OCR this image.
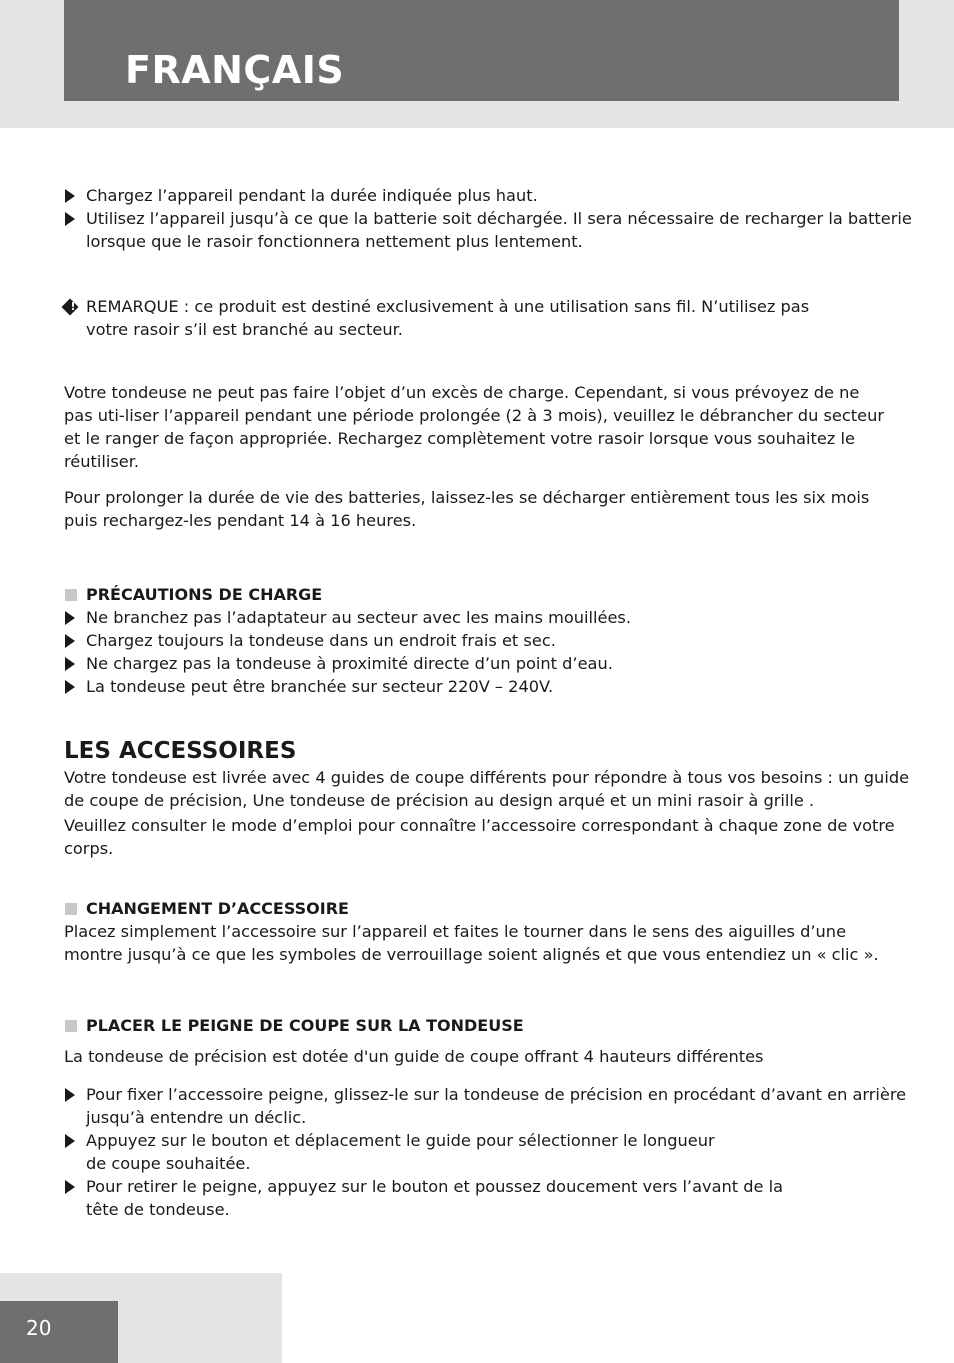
FRANÇAIS
Chargez l’appareil pendant la durée indiquée plus haut.
Utilisez l’appareil jusqu’à ce que la batterie soit déchargée. Il sera nécessaire de recharger la batterie lorsque que le rasoir fonctionnera nettement plus lentement.
! REMARQUE : ce produit est destiné exclusivement à une utilisation sans fil. N’utilisez pas votre rasoir s’il est branché au secteur.

Votre tondeuse ne peut pas faire l’objet d’un excès de charge. Cependant, si vous prévoyez de ne pas uti-liser l’appareil pendant une période prolongée (2 à 3 mois), veuillez le débrancher du secteur et le ranger de façon appropriée. Rechargez complètement votre rasoir lorsque vous souhaitez le réutiliser.

Pour prolonger la durée de vie des batteries, laissez-les se décharger entièrement tous les six mois puis rechargez-les pendant 14 à 16 heures.

PRÉCAUTIONS DE CHARGE
Ne branchez pas l’adaptateur au secteur avec les mains mouillées.
Chargez toujours la tondeuse dans un endroit frais et sec.
Ne chargez pas la tondeuse à proximité directe d’un point d’eau.
La tondeuse peut être branchée sur secteur 220V – 240V.
LES ACCESSOIRES

Votre tondeuse est livrée avec 4 guides de coupe différents pour répondre à tous vos besoins : un guide

de coupe de précision, Une tondeuse de précision au design arqué et un mini rasoir à grille .

Veuillez consulter le mode d’emploi pour connaître l’accessoire correspondant à chaque zone de votre corps.

CHANGEMENT D’ACCESSOIRE

Placez simplement l’accessoire sur l’appareil et faites le tourner dans le sens des aiguilles d’une montre jusqu’à ce que les symboles de verrouillage soient alignés et que vous entendiez un « clic ».

PLACER LE PEIGNE DE COUPE SUR LA TONDEUSE

La tondeuse de précision est dotée d'un guide de coupe offrant 4 hauteurs différentes

Pour fixer l’accessoire peigne, glissez-le sur la tondeuse de précision en procédant d’avant en arrière jusqu’à entendre un déclic.
Appuyez sur le bouton et déplacement le guide pour sélectionner le longueur de coupe souhaitée.
Pour retirer le peigne, appuyez sur le bouton et poussez doucement vers l’avant de la tête de tondeuse.
20
